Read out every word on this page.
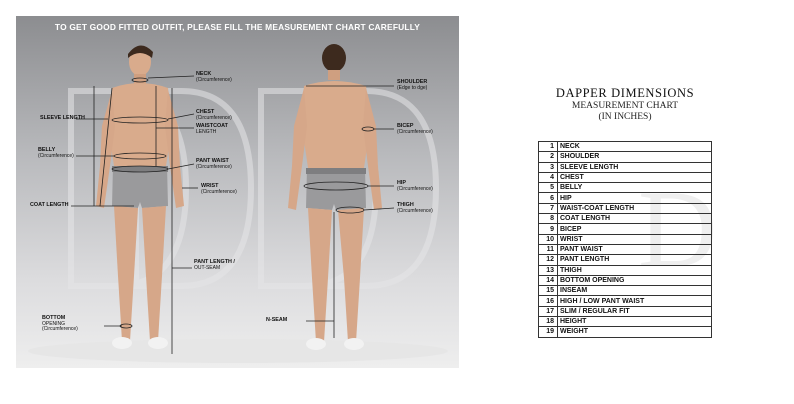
TO GET GOOD FITTED OUTFIT, PLEASE FILL THE MEASUREMENT CHART CAREFULLY
NECK
(Circumference)
SLEEVE LENGTH
CHEST
(Circumference)
WAISTCOAT
LENGTH
BELLY
(Circumference)
PANT WAIST
(Circumference)
WRIST
(Circumference)
COAT LENGTH
PANT LENGTH /
OUT-SEAM
BOTTOM
OPENING
(Circumference)
SHOULDER
(Edge to dge)
BICEP
(Circumference)
HIP
(Circumference)
THIGH
(Circumference)
N-SEAM
DAPPER DIMENSIONS
MEASUREMENT CHART
(IN INCHES)
D
1	NECK
2	SHOULDER
3	SLEEVE LENGTH
4	CHEST
5	BELLY
6	HIP
7	WAIST-COAT LENGTH
8	COAT LENGTH
9	BICEP
10	WRIST
11	PANT WAIST
12	PANT LENGTH
13	THIGH
14	BOTTOM OPENING
15	INSEAM
16	HIGH / LOW PANT WAIST
17	SLIM / REGULAR FIT
18	HEIGHT
19	WEIGHT
